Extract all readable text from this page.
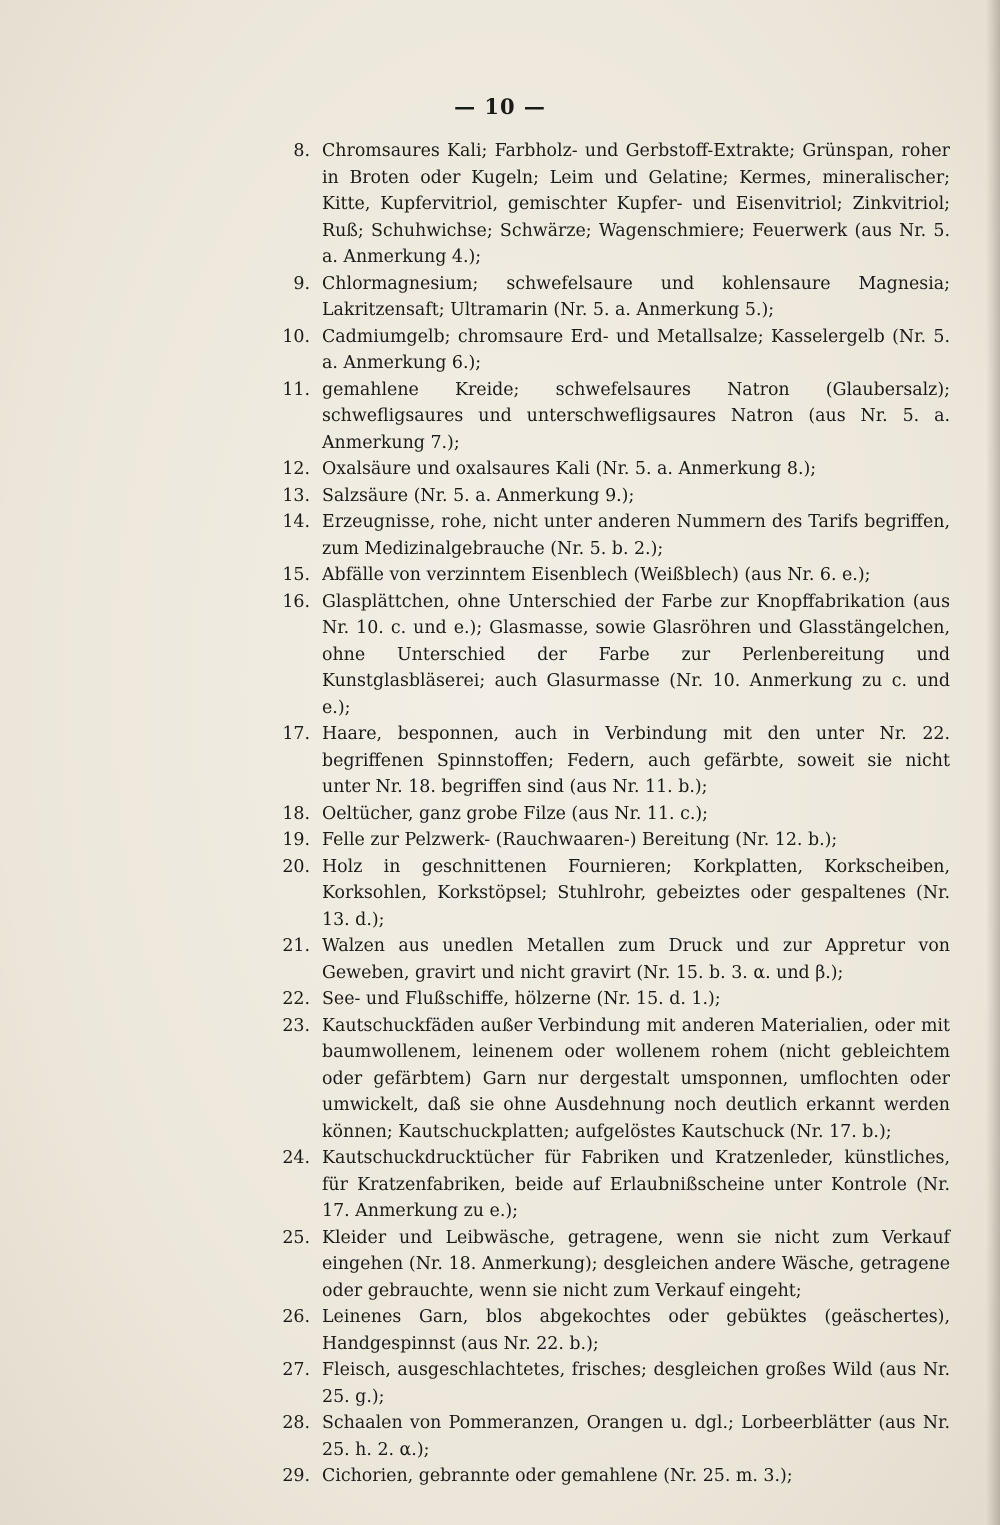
— 10 —
8. Chromsaures Kali; Farbholz- und Gerbstoff-Extrakte; Grünspan, roher in Broten oder Kugeln; Leim und Gelatine; Kermes, mineralischer; Kitte, Kupfervitriol, gemischter Kupfer- und Eisenvitriol; Zinkvitriol; Ruß; Schuhwichse; Schwärze; Wagenschmiere; Feuerwerk (aus Nr. 5. a. Anmerkung 4.);
9. Chlormagnesium; schwefelsaure und kohlensaure Magnesia; Lakritzensaft; Ultramarin (Nr. 5. a. Anmerkung 5.);
10. Cadmiumgelb; chromsaure Erd- und Metallsalze; Kasselergelb (Nr. 5. a. Anmerkung 6.);
11. gemahlene Kreide; schwefelsaures Natron (Glaubersalz); schwefligsaures und unterschwefligsaures Natron (aus Nr. 5. a. Anmerkung 7.);
12. Oxalsäure und oxalsaures Kali (Nr. 5. a. Anmerkung 8.);
13. Salzsäure (Nr. 5. a. Anmerkung 9.);
14. Erzeugnisse, rohe, nicht unter anderen Nummern des Tarifs begriffen, zum Medizinalgebrauche (Nr. 5. b. 2.);
15. Abfälle von verzinntem Eisenblech (Weißblech) (aus Nr. 6. e.);
16. Glasplättchen, ohne Unterschied der Farbe zur Knopffabrikation (aus Nr. 10. c. und e.); Glasmasse, sowie Glasröhren und Glasstängelchen, ohne Unterschied der Farbe zur Perlenbereitung und Kunstglasbläserei; auch Glasurmasse (Nr. 10. Anmerkung zu c. und e.);
17. Haare, besponnen, auch in Verbindung mit den unter Nr. 22. begriffenen Spinnstoffen; Federn, auch gefärbte, soweit sie nicht unter Nr. 18. begriffen sind (aus Nr. 11. b.);
18. Oeltücher, ganz grobe Filze (aus Nr. 11. c.);
19. Felle zur Pelzwerk- (Rauchwaaren-) Bereitung (Nr. 12. b.);
20. Holz in geschnittenen Fournieren; Korkplatten, Korkscheiben, Korksohlen, Korkstöpsel; Stuhlrohr, gebeiztes oder gespaltenes (Nr. 13. d.);
21. Walzen aus unedlen Metallen zum Druck und zur Appretur von Geweben, gravirt und nicht gravirt (Nr. 15. b. 3. α. und β.);
22. See- und Flußschiffe, hölzerne (Nr. 15. d. 1.);
23. Kautschuckfäden außer Verbindung mit anderen Materialien, oder mit baumwollenem, leinenem oder wollenem rohem (nicht gebleichtem oder gefärbtem) Garn nur dergestalt umsponnen, umflochten oder umwickelt, daß sie ohne Ausdehnung noch deutlich erkannt werden können; Kautschuckplatten; aufgelöstes Kautschuck (Nr. 17. b.);
24. Kautschuckdrucktücher für Fabriken und Kratzenleder, künstliches, für Kratzenfabriken, beide auf Erlaubnißscheine unter Kontrole (Nr. 17. Anmerkung zu e.);
25. Kleider und Leibwäsche, getragene, wenn sie nicht zum Verkauf eingehen (Nr. 18. Anmerkung); desgleichen andere Wäsche, getragene oder gebrauchte, wenn sie nicht zum Verkauf eingeht;
26. Leinenes Garn, blos abgekochtes oder gebüktes (geäschertes), Handgespinnst (aus Nr. 22. b.);
27. Fleisch, ausgeschlachtetes, frisches; desgleichen großes Wild (aus Nr. 25. g.);
28. Schaalen von Pommeranzen, Orangen u. dgl.; Lorbeerblätter (aus Nr. 25. h. 2. α.);
29. Cichorien, gebrannte oder gemahlene (Nr. 25. m. 3.);
